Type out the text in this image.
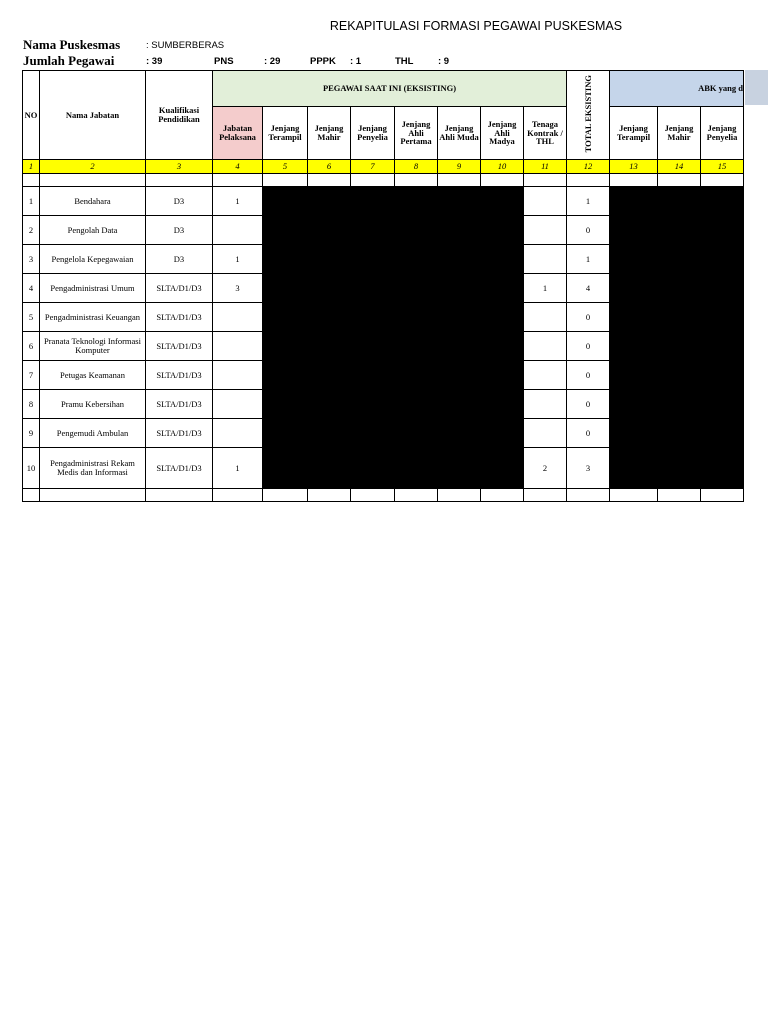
REKAPITULASI FORMASI PEGAWAI PUSKESMAS
Nama Puskesmas	: SUMBERBERAS
Jumlah Pegawai	: 39	PNS	: 29	PPPK : 1	THL	: 9
NO	Nama Jabatan	Kualifikasi Pendidikan	PEGAWAI SAAT INI (EKSISTING)								TOTAL EKSISTING	ABK yang d		
			Jabatan Pelaksana	Jenjang Terampil	Jenjang Mahir	Jenjang Penyelia	Jenjang Ahli Pertama	Jenjang Ahli Muda	Jenjang Ahli Madya	Tenaga Kontrak / THL		Jenjang Terampil	Jenjang Mahir	Jenjang Penyelia
1	2	3	4	5	6	7	8	9	10	11	12	13	14	15

1	Bendahara	D3	1								1			
2	Pengolah Data	D3									0			
3	Pengelola Kepegawaian	D3	1								1			
4	Pengadministrasi Umum	SLTA/D1/D3	3							1	4			
5	Pengadministrasi Keuangan	SLTA/D1/D3									0			
6	Pranata Teknologi Informasi Komputer	SLTA/D1/D3									0			
7	Petugas Keamanan	SLTA/D1/D3									0			
8	Pramu Kebersihan	SLTA/D1/D3									0			
9	Pengemudi Ambulan	SLTA/D1/D3									0			
10	Pengadministrasi Rekam Medis dan Informasi	SLTA/D1/D3	1							2	3			
